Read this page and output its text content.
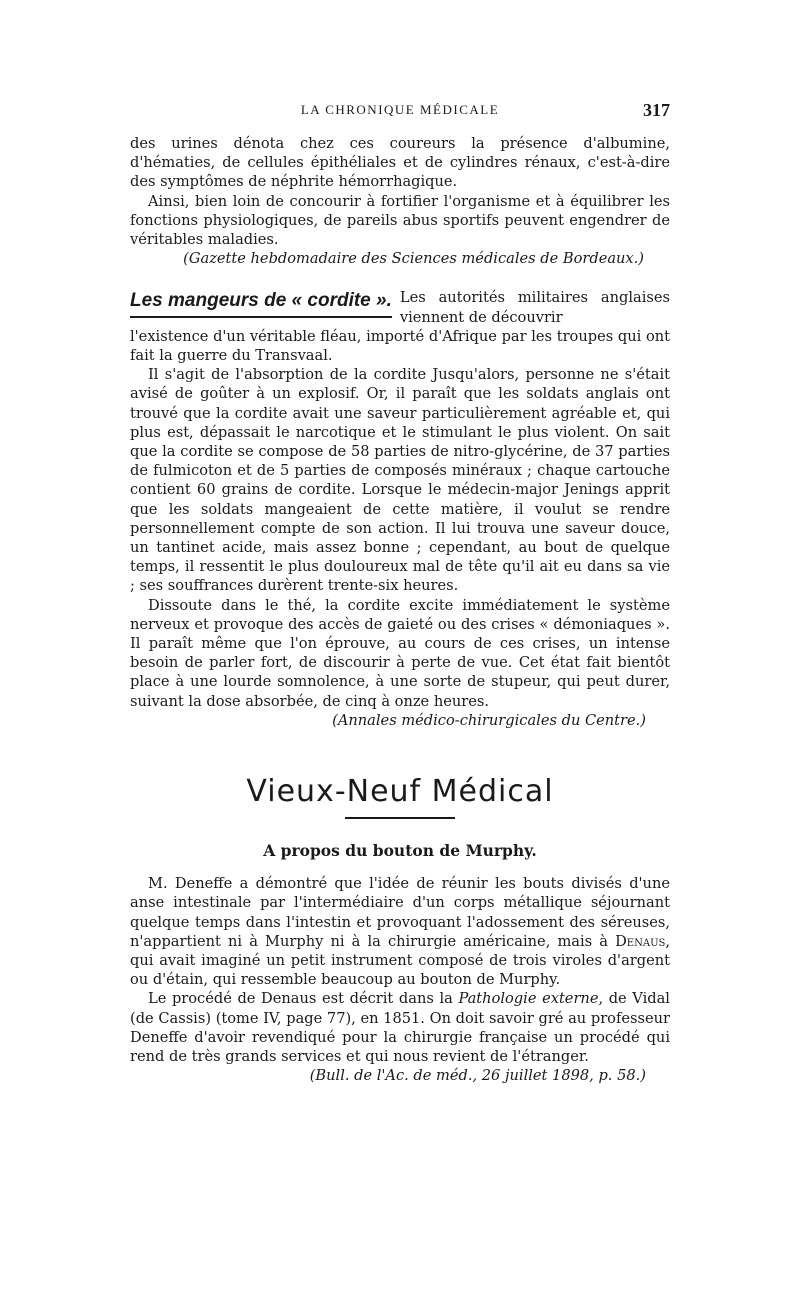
LA CHRONIQUE MÉDICALE	317

des urines dénota chez ces coureurs la présence d'albumine, d'hématies, de cellules épithéliales et de cylindres rénaux, c'est-à-dire des symptômes de néphrite hémorrhagique.

Ainsi, bien loin de concourir à fortifier l'organisme et à équilibrer les fonctions physiologiques, de pareils abus sportifs peuvent engendrer de véritables maladies.

(Gazette hebdomadaire des Sciences médicales de Bordeaux.)
Les mangeurs de « cordite ». Les autorités militaires anglaises viennent de découvrir

l'existence d'un véritable fléau, importé d'Afrique par les troupes qui ont fait la guerre du Transvaal.

Il s'agit de l'absorption de la cordite Jusqu'alors, personne ne s'était avisé de goûter à un explosif. Or, il paraît que les soldats anglais ont trouvé que la cordite avait une saveur particulièrement agréable et, qui plus est, dépassait le narcotique et le stimulant le plus violent. On sait que la cordite se compose de 58 parties de nitro-glycérine, de 37 parties de fulmicoton et de 5 parties de composés minéraux ; chaque cartouche contient 60 grains de cordite. Lorsque le médecin-major Jenings apprit que les soldats mangeaient de cette matière, il voulut se rendre personnellement compte de son action. Il lui trouva une saveur douce, un tantinet acide, mais assez bonne ; cependant, au bout de quelque temps, il ressentit le plus douloureux mal de tête qu'il ait eu dans sa vie ; ses souffrances durèrent trente-six heures.

Dissoute dans le thé, la cordite excite immédiatement le système nerveux et provoque des accès de gaieté ou des crises « démoniaques ». Il paraît même que l'on éprouve, au cours de ces crises, un intense besoin de parler fort, de discourir à perte de vue. Cet état fait bientôt place à une lourde somnolence, à une sorte de stupeur, qui peut durer, suivant la dose absorbée, de cinq à onze heures.

(Annales médico-chirurgicales du Centre.)
Vieux-Neuf Médical
A propos du bouton de Murphy.

M. Deneffe a démontré que l'idée de réunir les bouts divisés d'une anse intestinale par l'intermédiaire d'un corps métallique séjournant quelque temps dans l'intestin et provoquant l'adossement des séreuses, n'appartient ni à Murphy ni à la chirurgie américaine, mais à Denaus, qui avait imaginé un petit instrument composé de trois viroles d'argent ou d'étain, qui ressemble beaucoup au bouton de Murphy.

Le procédé de Denaus est décrit dans la Pathologie externe, de Vidal (de Cassis) (tome IV, page 77), en 1851. On doit savoir gré au professeur Deneffe d'avoir revendiqué pour la chirurgie française un procédé qui rend de très grands services et qui nous revient de l'étranger.

(Bull. de l'Ac. de méd., 26 juillet 1898, p. 58.)
